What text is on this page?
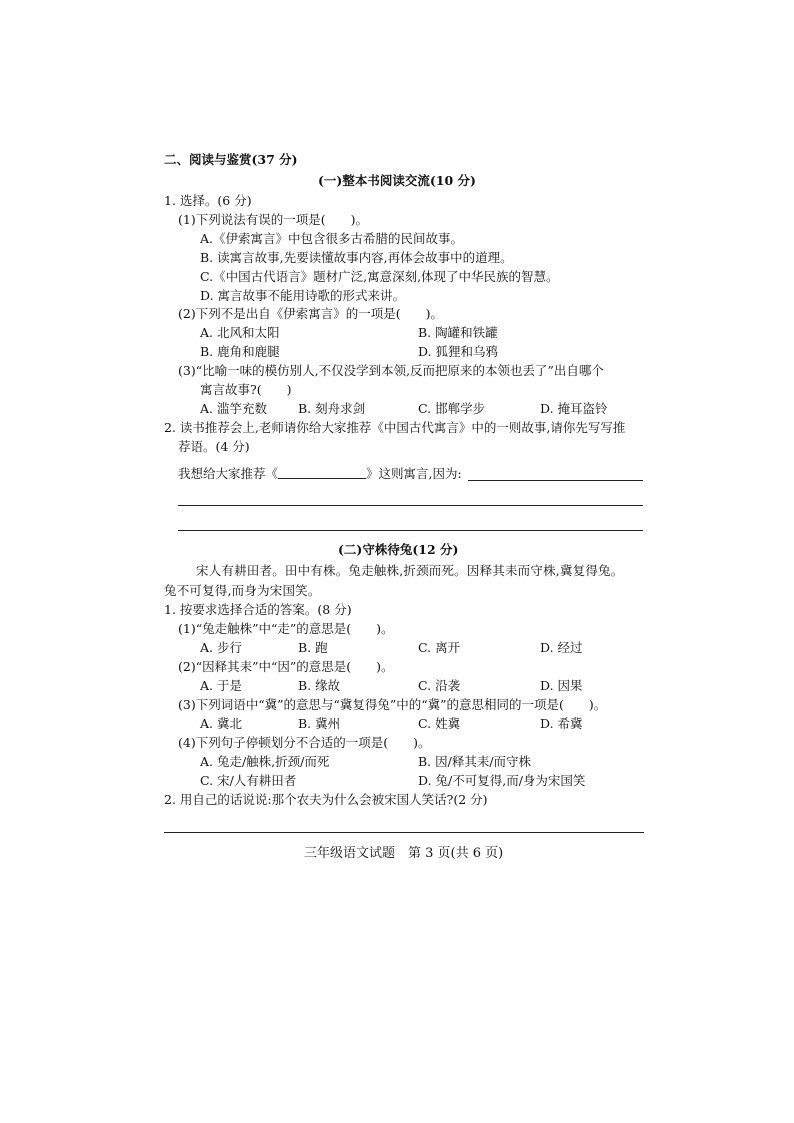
二、阅读与鉴赏(37 分)
(一)整本书阅读交流(10 分)
1. 选择。(6 分)
(1)下列说法有误的一项是(　　)。
A.《伊索寓言》中包含很多古希腊的民间故事。
B. 读寓言故事,先要读懂故事内容,再体会故事中的道理。
C.《中国古代语言》题材广泛,寓意深刻,体现了中华民族的智慧。
D. 寓言故事不能用诗歌的形式来讲。
(2)下列不是出自《伊索寓言》的一项是(　　)。
A. 北风和太阳	B. 陶罐和铁罐
B. 鹿角和鹿腿	D. 狐狸和乌鸦
(3)“比喻一味的模仿别人,不仅没学到本领,反而把原来的本领也丢了”出自哪个
寓言故事?(　　)
A. 滥竽充数 B. 刻舟求剑	C. 邯郸学步	D. 掩耳盗铃
2. 读书推荐会上,老师请你给大家推荐《中国古代寓言》中的一则故事,请你先写写推
荐语。(4 分)
我想给大家推荐《	》这则寓言,因为:
(二)守株待兔(12 分)
宋人有耕田者。田中有株。兔走触株,折颈而死。因释其耒而守株,冀复得兔。
兔不可复得,而身为宋国笑。
1. 按要求选择合适的答案。(8 分)
(1)“兔走触株”中“走”的意思是(　　)。
A. 步行	B. 跑	C. 离开	D. 经过
(2)“因释其耒”中“因”的意思是(　　)。
A. 于是	B. 缘故	C. 沿袭	D. 因果
(3)下列词语中“冀”的意思与“冀复得兔”中的“冀”的意思相同的一项是(　　)。
A. 冀北	B. 冀州	C. 姓冀	D. 希冀
(4)下列句子停顿划分不合适的一项是(　　)。
A. 兔走/触株,折颈/而死	B. 因/释其耒/而守株
C. 宋/人有耕田者	D. 兔/不可复得,而/身为宋国笑
2. 用自己的话说说:那个农夫为什么会被宋国人笑话?(2 分)
三年级语文试题　第 3 页(共 6 页)
